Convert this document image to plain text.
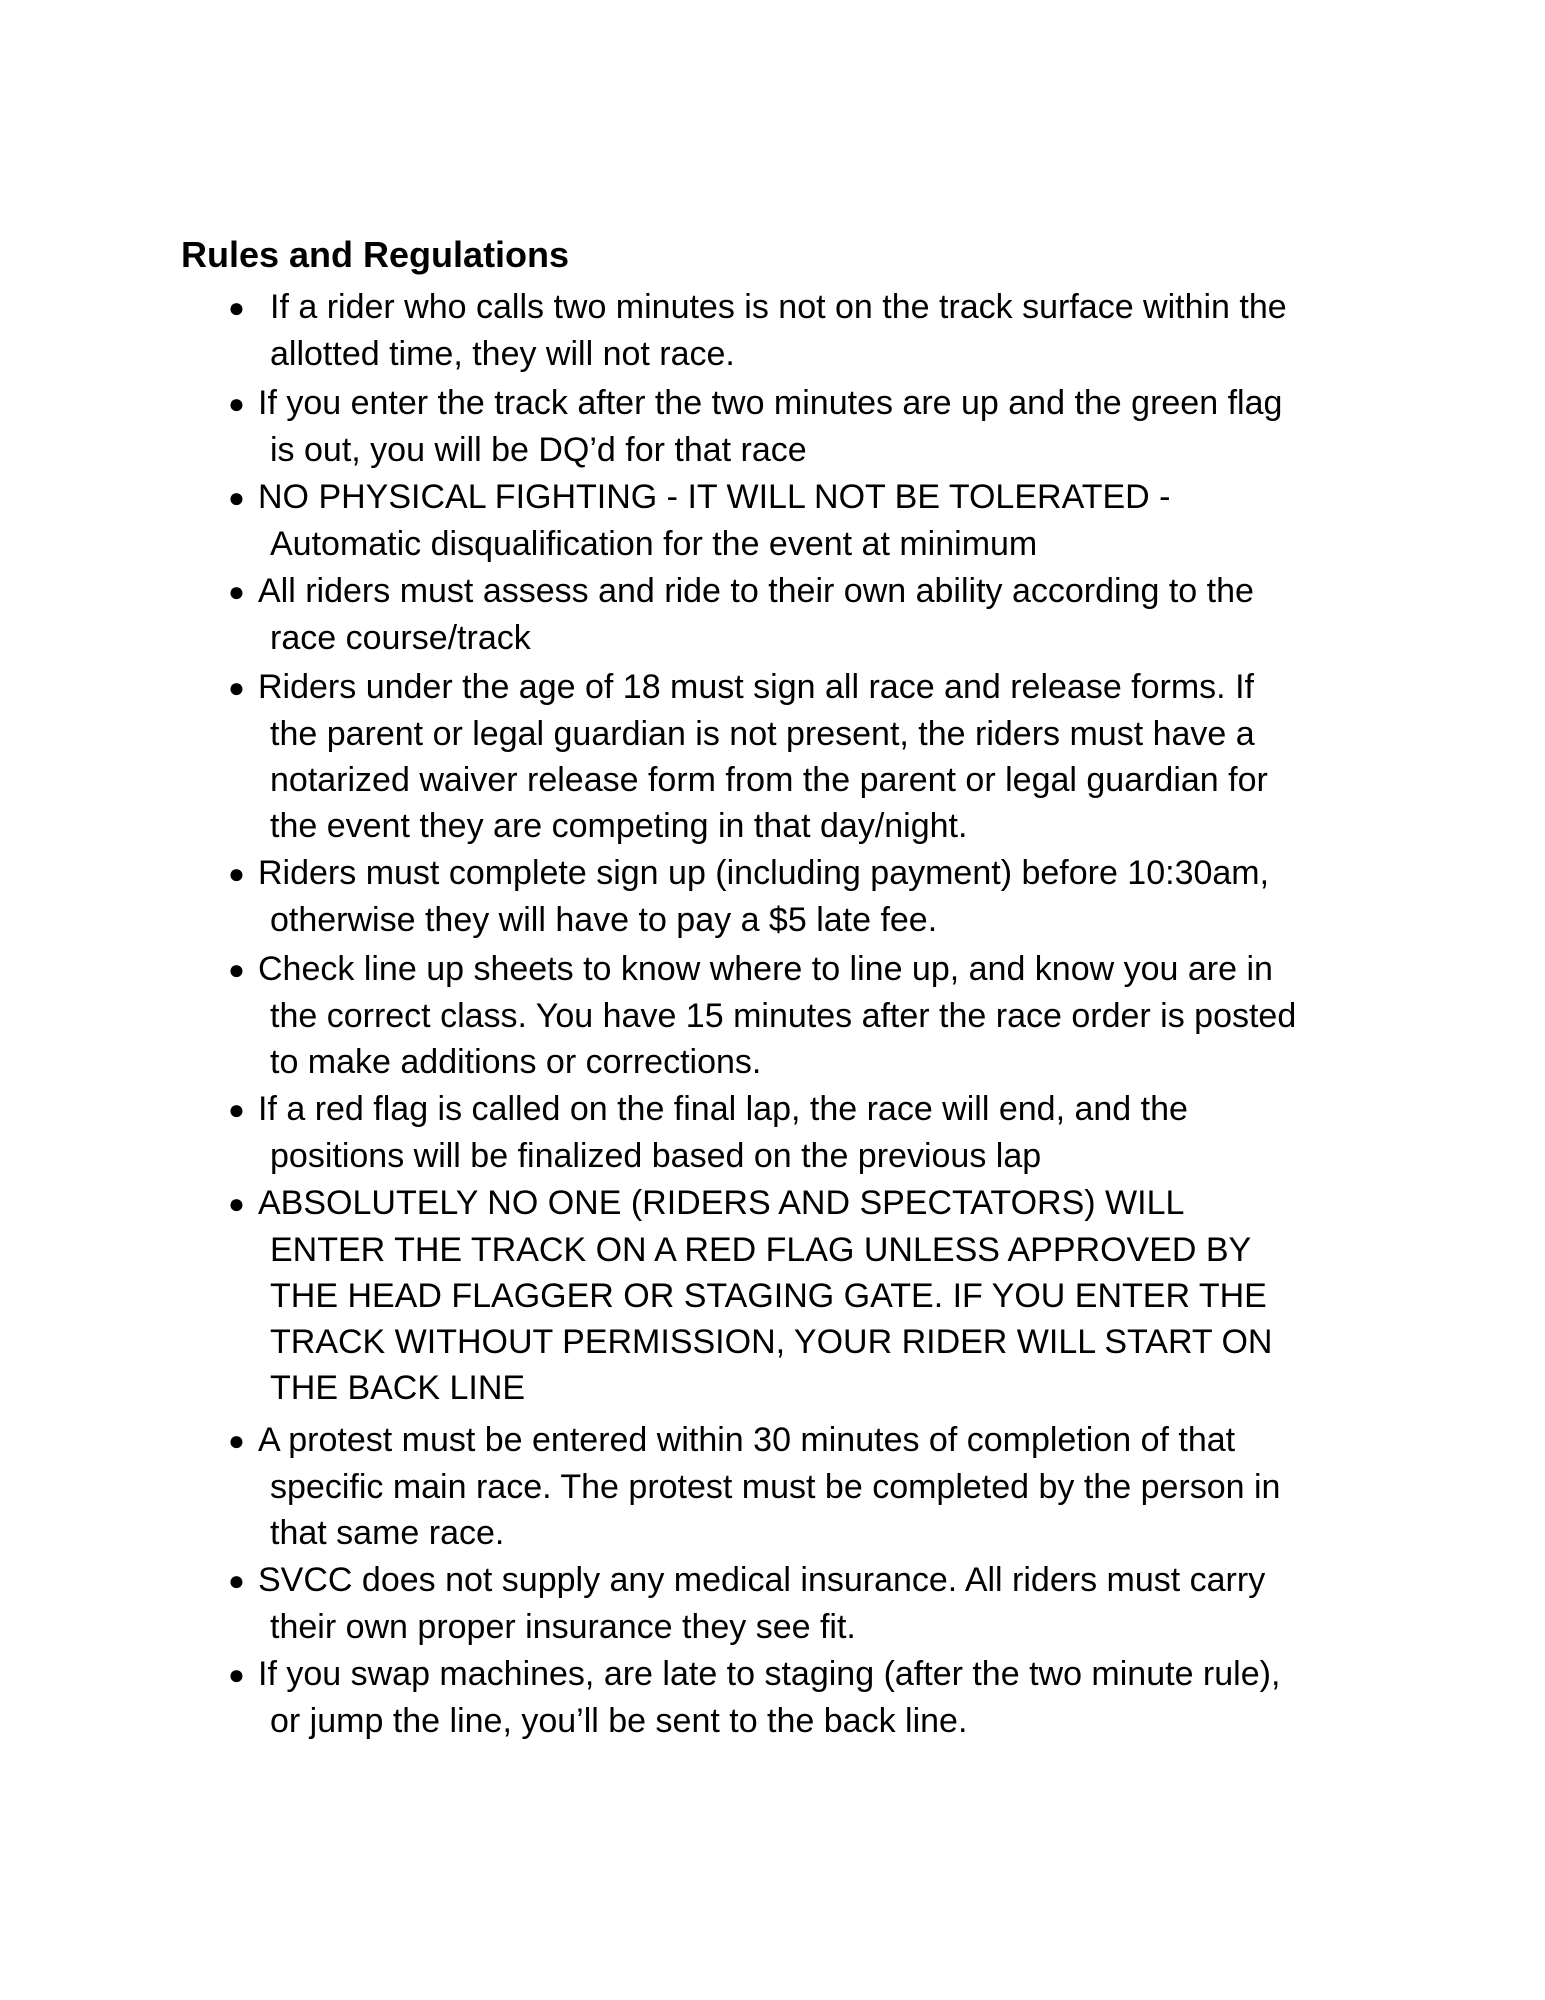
Rules and Regulations
● If a rider who calls two minutes is not on the track surface within the
allotted time, they will not race.
● If you enter the track after the two minutes are up and the green flag
is out, you will be DQ’d for that race
● NO PHYSICAL FIGHTING - IT WILL NOT BE TOLERATED -
Automatic disqualification for the event at minimum
● All riders must assess and ride to their own ability according to the
race course/track
● Riders under the age of 18 must sign all race and release forms. If
the parent or legal guardian is not present, the riders must have a
notarized waiver release form from the parent or legal guardian for
the event they are competing in that day/night.
● Riders must complete sign up (including payment) before 10:30am,
otherwise they will have to pay a $5 late fee.
● Check line up sheets to know where to line up, and know you are in
the correct class. You have 15 minutes after the race order is posted
to make additions or corrections.
● If a red flag is called on the final lap, the race will end, and the
positions will be finalized based on the previous lap
● ABSOLUTELY NO ONE (RIDERS AND SPECTATORS) WILL
ENTER THE TRACK ON A RED FLAG UNLESS APPROVED BY
THE HEAD FLAGGER OR STAGING GATE. IF YOU ENTER THE
TRACK WITHOUT PERMISSION, YOUR RIDER WILL START ON
THE BACK LINE
● A protest must be entered within 30 minutes of completion of that
specific main race. The protest must be completed by the person in
that same race.
● SVCC does not supply any medical insurance. All riders must carry
their own proper insurance they see fit.
● If you swap machines, are late to staging (after the two minute rule),
or jump the line, you’ll be sent to the back line.
